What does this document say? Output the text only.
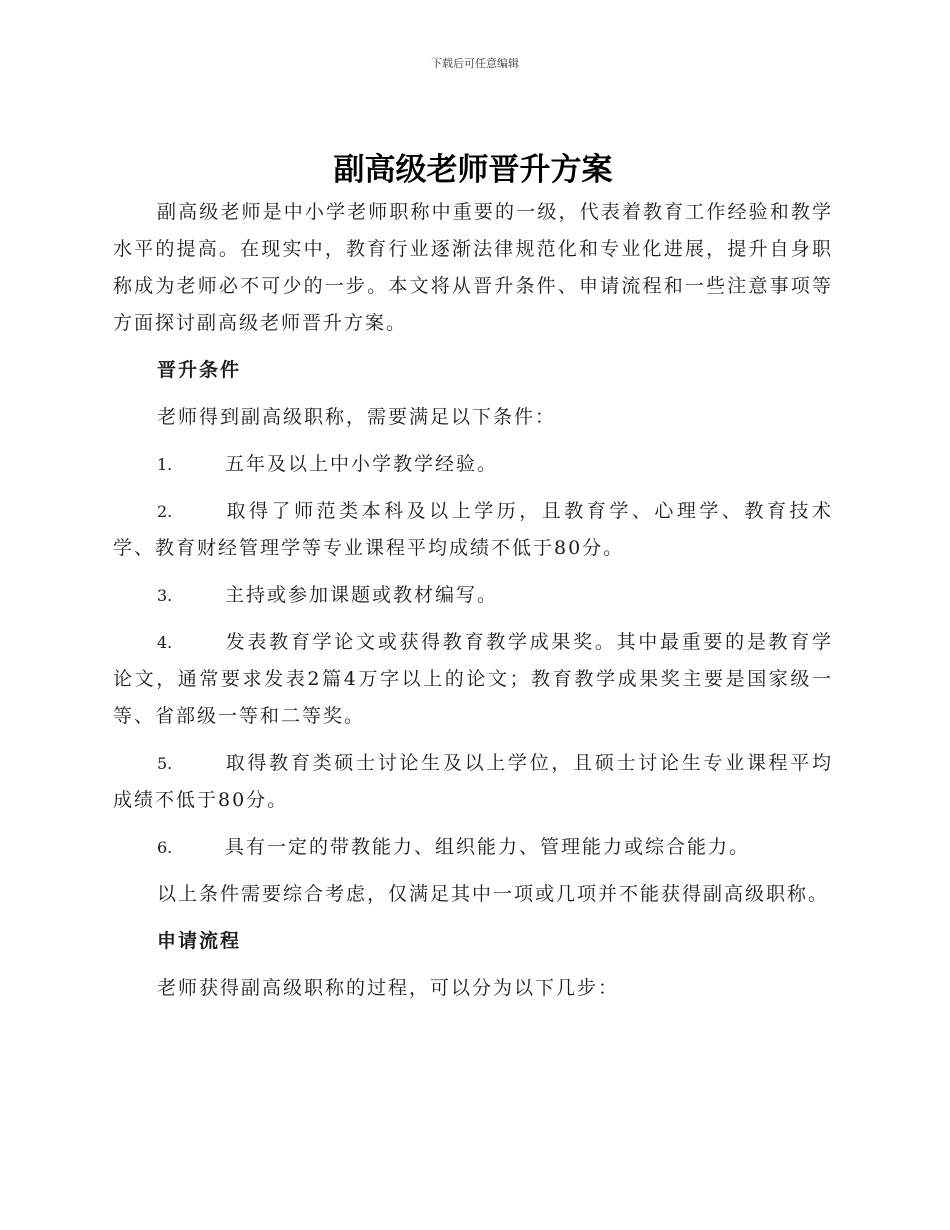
下载后可任意编辑
副高级老师晋升方案

副高级老师是中小学老师职称中重要的一级，代表着教育工作经验和教学水平的提高。在现实中，教育行业逐渐法律规范化和专业化进展，提升自身职称成为老师必不可少的一步。本文将从晋升条件、申请流程和一些注意事项等方面探讨副高级老师晋升方案。

晋升条件

老师得到副高级职称，需要满足以下条件：

1.	五年及以上中小学教学经验。

2.	取得了师范类本科及以上学历，且教育学、心理学、教育技术学、教育财经管理学等专业课程平均成绩不低于80分。

3.	主持或参加课题或教材编写。

4.	发表教育学论文或获得教育教学成果奖。其中最重要的是教育学论文，通常要求发表2篇4万字以上的论文；教育教学成果奖主要是国家级一等、省部级一等和二等奖。

5.	取得教育类硕士讨论生及以上学位，且硕士讨论生专业课程平均成绩不低于80分。

6.	具有一定的带教能力、组织能力、管理能力或综合能力。

以上条件需要综合考虑，仅满足其中一项或几项并不能获得副高级职称。

申请流程

老师获得副高级职称的过程，可以分为以下几步：
